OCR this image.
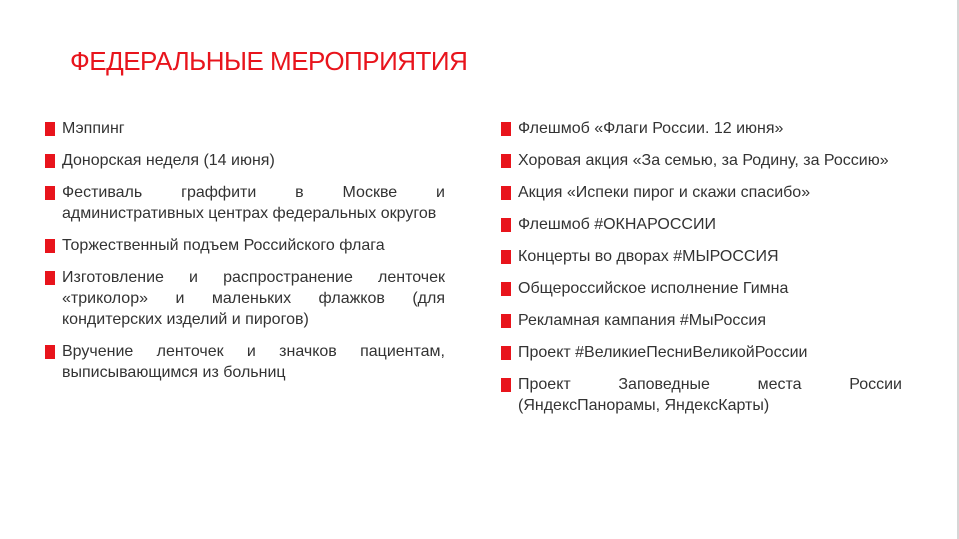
ФЕДЕРАЛЬНЫЕ МЕРОПРИЯТИЯ
Мэппинг
Донорская неделя (14 июня)
Фестиваль граффити в Москве и административных центрах федеральных округов
Торжественный подъем Российского флага
Изготовление и распространение ленточек «триколор» и маленьких флажков (для кондитерских изделий и пирогов)
Вручение ленточек и значков пациентам, выписывающимся из больниц
Флешмоб «Флаги России. 12 июня»
Хоровая акция «За семью, за Родину, за Россию»
Акция «Испеки пирог и скажи спасибо»
Флешмоб #ОКНАРОССИИ
Концерты во дворах #МЫРОССИЯ
Общероссийское исполнение Гимна
Рекламная кампания #МыРоссия
Проект #ВеликиеПесниВеликойРоссии
Проект Заповедные места России (ЯндексПанорамы, ЯндексКарты)
